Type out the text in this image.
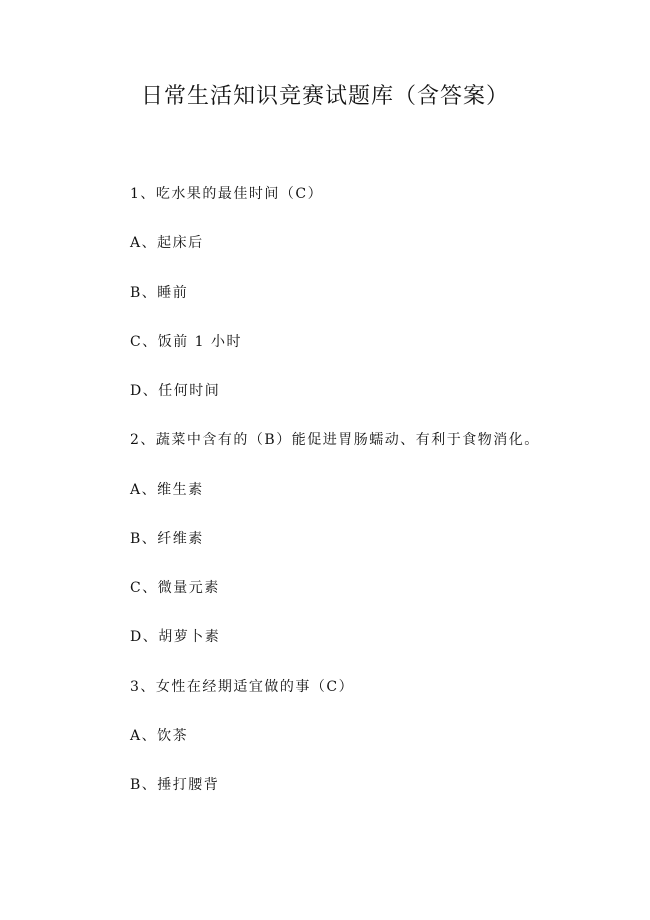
日常生活知识竞赛试题库（含答案）
1、吃水果的最佳时间（C）
A、起床后
B、睡前
C、饭前 1 小时
D、任何时间
2、蔬菜中含有的（B）能促进胃肠蠕动、有利于食物消化。
A、维生素
B、纤维素
C、微量元素
D、胡萝卜素
3、女性在经期适宜做的事（C）
A、饮茶
B、捶打腰背
